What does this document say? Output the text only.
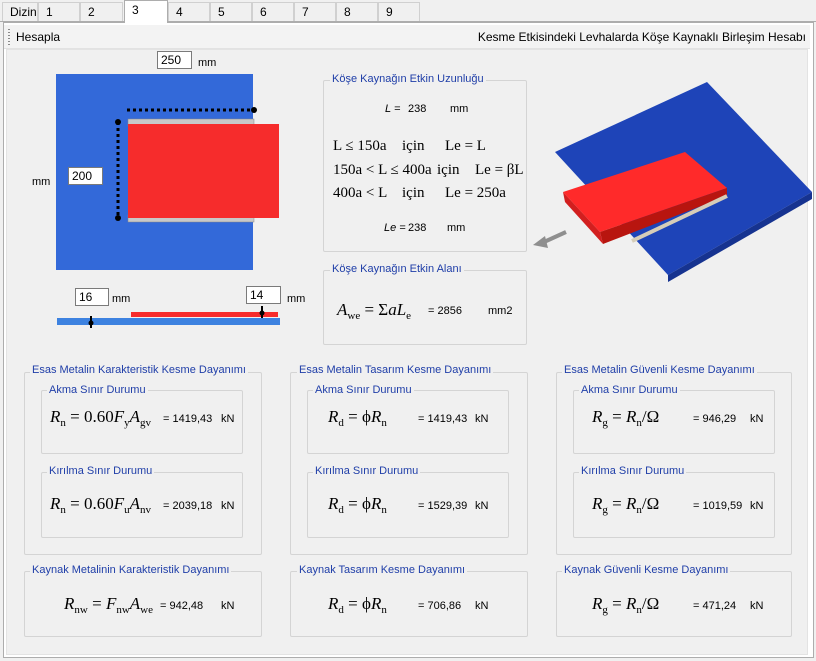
Dizin 1	2	3	4	5	6	7	8	9
Hesapla	Kesme Etkisindeki Levhalarda Köşe Kaynaklı Birleşim Hesabı
250	mm
200
mm
16	mm	14	mm
Köşe Kaynağın Etkin Uzunluğu
L = 238 mm
L ≤ 150a için Le = L
150a < L ≤ 400a için Le = βL
400a < L için Le = 250a
Le = 238 mm
Köşe Kaynağın Etkin Alanı
$A_{we} = \Sigma aL_e = 2856$ mm2
Esas Metalin Karakteristik Kesme Dayanımı
Akma Sınır Durumu
$R_n = 0.60F_yA_{gv} = 1419,43$ kN
Kırılma Sınır Durumu
$R_n = 0.60F_uA_{nv} = 2039,18$ kN
Esas Metalin Tasarım Kesme Dayanımı
Akma Sınır Durumu
$R_d = \phi R_n$	= 1419,43 kN
Kırılma Sınır Durumu
$R_d = \phi R_n$	= 1529,39 kN
Esas Metalin Güvenli Kesme Dayanımı
Akma Sınır Durumu
$R_g = R_n/\Omega$	= 946,29 kN
Kırılma Sınır Durumu
$R_g = R_n/\Omega$	= 1019,59 kN
Kaynak Metalinin Karakteristik Dayanımı
$R_{nw} = F_{nw}A_{we} = 942,48$ kN
Kaynak Tasarım Kesme Dayanımı
$R_d = \phi R_n$	= 706,86 kN
Kaynak Güvenli Kesme Dayanımı
$R_g = R_n/\Omega$	= 471,24 kN
